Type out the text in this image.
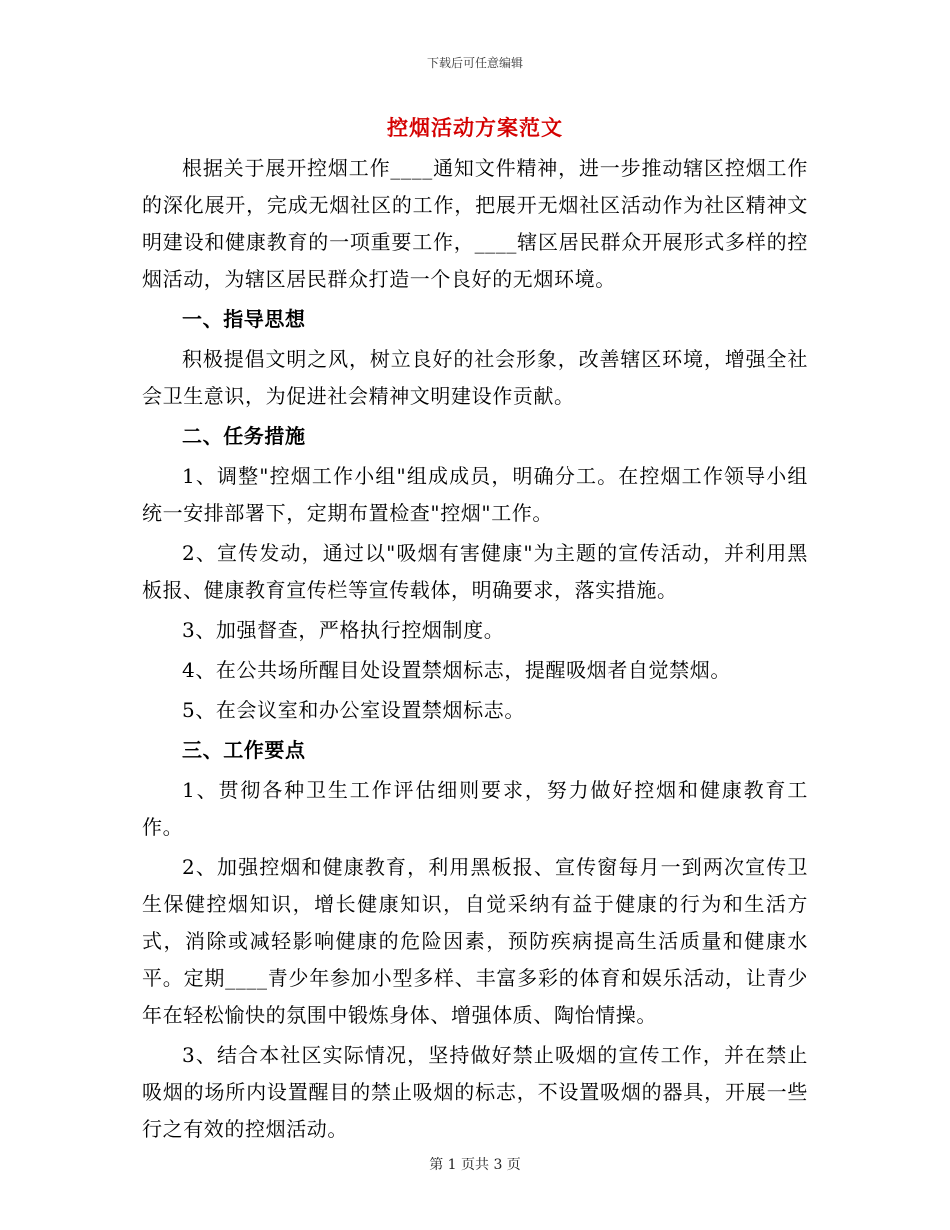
下载后可任意编辑
控烟活动方案范文

根据关于展开控烟工作____通知文件精神，进一步推动辖区控烟工作的深化展开，完成无烟社区的工作，把展开无烟社区活动作为社区精神文明建设和健康教育的一项重要工作，____辖区居民群众开展形式多样的控烟活动，为辖区居民群众打造一个良好的无烟环境。

一、指导思想

积极提倡文明之风，树立良好的社会形象，改善辖区环境，增强全社会卫生意识，为促进社会精神文明建设作贡献。

二、任务措施

1、调整"控烟工作小组"组成成员，明确分工。在控烟工作领导小组统一安排部署下，定期布置检查"控烟"工作。

2、宣传发动，通过以"吸烟有害健康"为主题的宣传活动，并利用黑板报、健康教育宣传栏等宣传载体，明确要求，落实措施。

3、加强督查，严格执行控烟制度。

4、在公共场所醒目处设置禁烟标志，提醒吸烟者自觉禁烟。

5、在会议室和办公室设置禁烟标志。

三、工作要点

1、贯彻各种卫生工作评估细则要求，努力做好控烟和健康教育工作。

2、加强控烟和健康教育，利用黑板报、宣传窗每月一到两次宣传卫生保健控烟知识，增长健康知识，自觉采纳有益于健康的行为和生活方式，消除或减轻影响健康的危险因素，预防疾病提高生活质量和健康水平。定期____青少年参加小型多样、丰富多彩的体育和娱乐活动，让青少年在轻松愉快的氛围中锻炼身体、增强体质、陶怡情操。

3、结合本社区实际情况，坚持做好禁止吸烟的宣传工作，并在禁止吸烟的场所内设置醒目的禁止吸烟的标志，不设置吸烟的器具，开展一些行之有效的控烟活动。

第 1 页共 3 页
